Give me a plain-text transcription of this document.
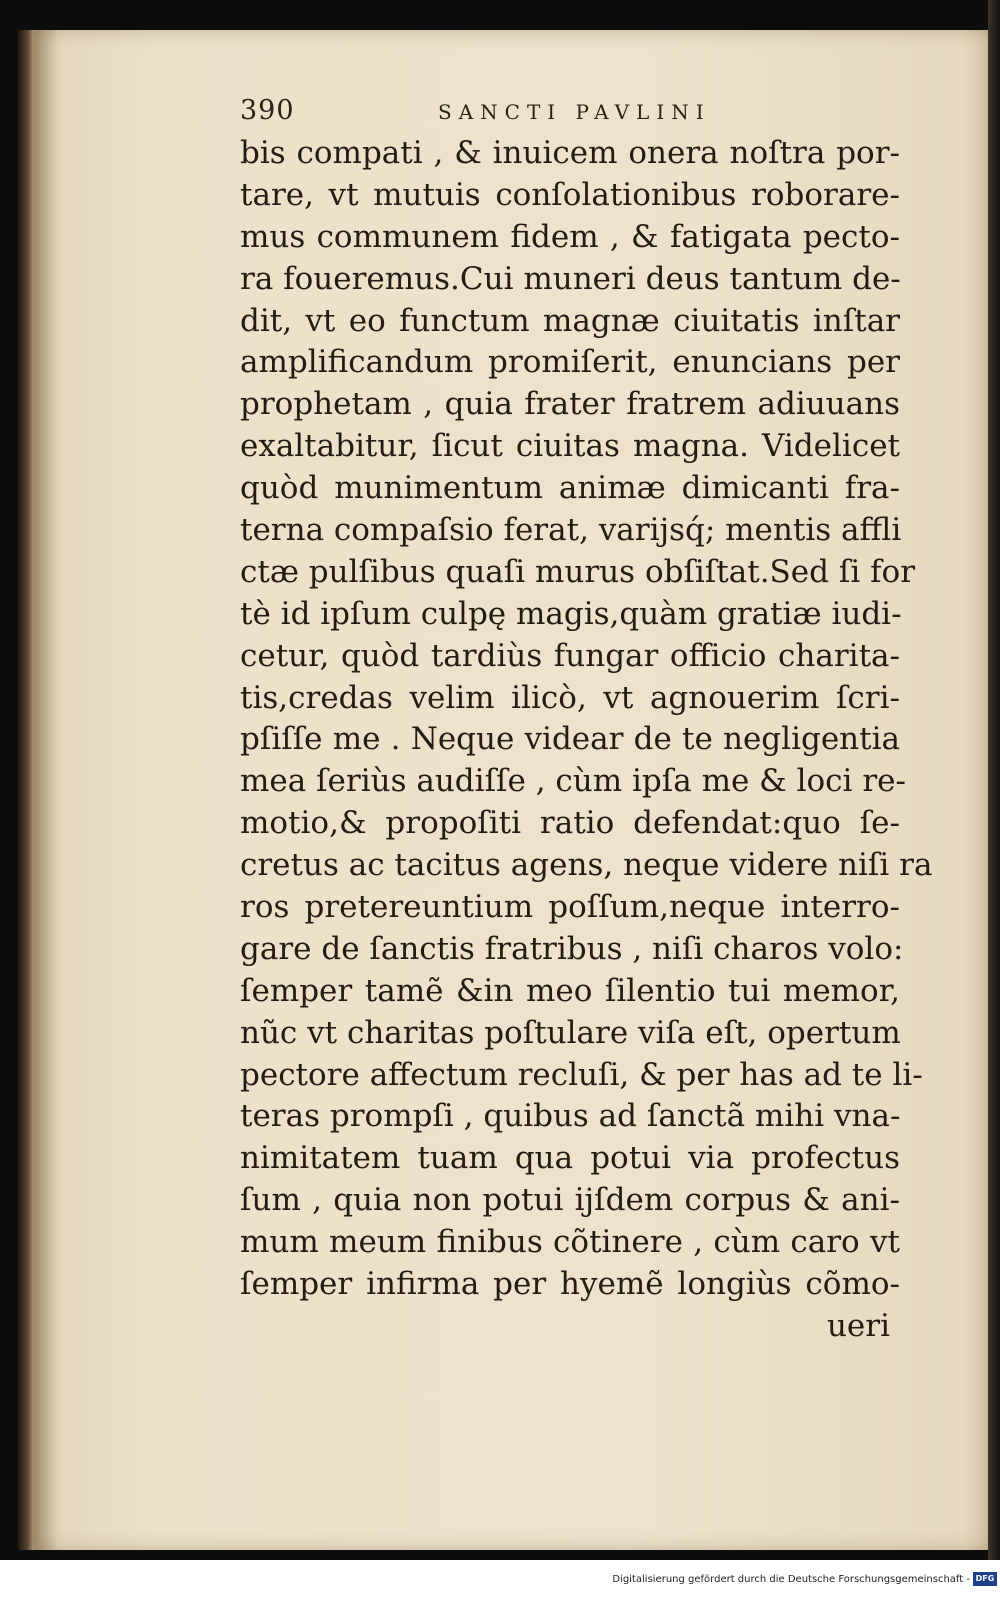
390	SANCTI PAVLINI
bis compati , & inuicem onera noſtra por-
tare, vt mutuis conſolationibus roborare-
mus communem fidem , & fatigata pectо-
ra foueremus.Cui muneri deus tantum de-
dit, vt eo functum magnæ ciuitatis inſtar
amplificandum promiſerit, enuncians per
prophetam , quia frater fratrem adiuuans
exaltabitur, ſicut ciuitas magna. Videlicet
quòd munimentum animæ dimicanti fra-
terna compaſsio ferat, varijsq́; mentis affli
ctæ pulſibus quaſi murus obſiſtat.Sed ſi for
tè id ipſum culpę magis,quàm gratiæ iudi-
cetur, quòd tardiùs fungar officio charita-
tis,credas velim ilicò, vt agnouerim ſcri-
pſiſſe me . Neque videar de te negligentia
mea ſeriùs audiſſe , cùm ipſa me & loci re-
motio,& propoſiti ratio defendat:quo ſe-
cretus ac tacitus agens, neque videre niſi ra
ros pretereuntium poſſum,neque interro-
gare de ſanctis fratribus , niſi charos volo:
ſemper tamẽ &in meo ſilentio tui memor,
nũc vt charitas poſtulare viſa eſt, opertum
pectore affectum recluſi, & per has ad te li-
teras prompſi , quibus ad ſanctã mihi vna-
nimitatem tuam qua potui via profectus
ſum , quia non potui ijſdem corpus & ani-
mum meum finibus cõtinere , cùm caro vt
ſemper infirma per hyemẽ longiùs cõmo-
ueri
Digitalisierung gefördert durch die Deutsche Forschungsgemeinschaft - DFG
